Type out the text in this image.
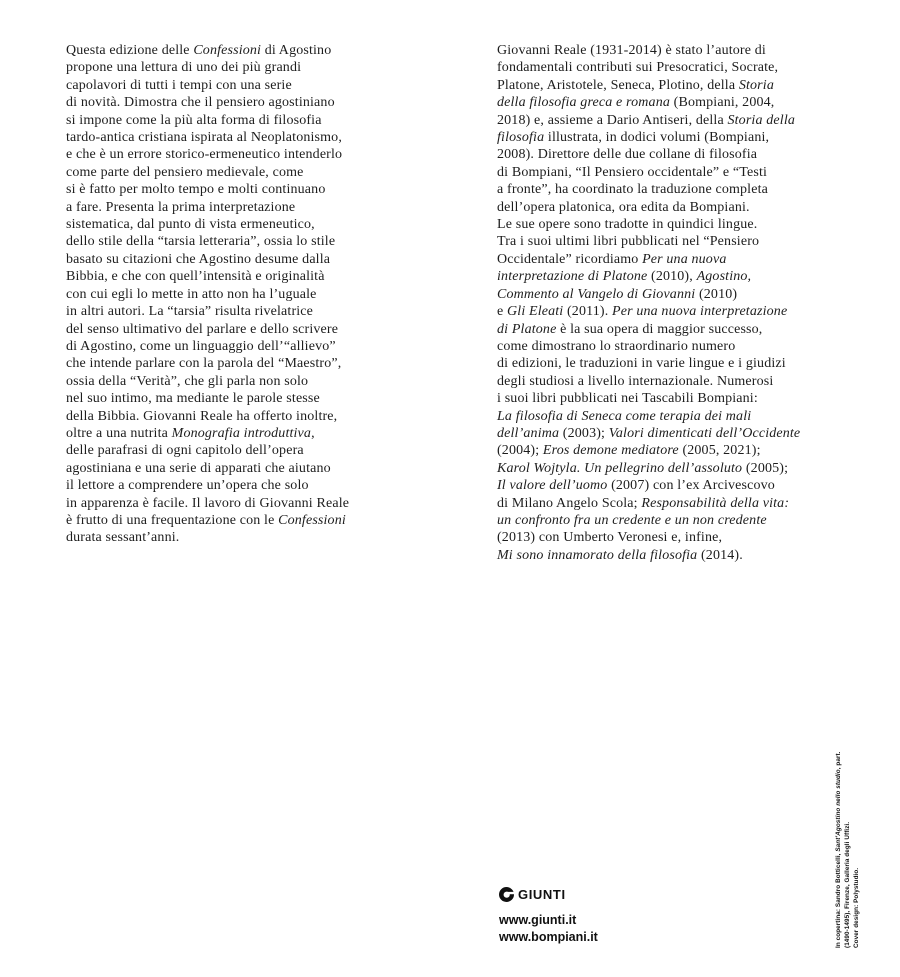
Questa edizione delle Confessioni di Agostino
propone una lettura di uno dei più grandi
capolavori di tutti i tempi con una serie
di novità. Dimostra che il pensiero agostiniano
si impone come la più alta forma di filosofia
tardo-antica cristiana ispirata al Neoplatonismo,
e che è un errore storico-ermeneutico intenderlo
come parte del pensiero medievale, come
si è fatto per molto tempo e molti continuano
a fare. Presenta la prima interpretazione
sistematica, dal punto di vista ermeneutico,
dello stile della “tarsia letteraria”, ossia lo stile
basato su citazioni che Agostino desume dalla
Bibbia, e che con quell’intensità e originalità
con cui egli lo mette in atto non ha l’uguale
in altri autori. La “tarsia” risulta rivelatrice
del senso ultimativo del parlare e dello scrivere
di Agostino, come un linguaggio dell’“allievo”
che intende parlare con la parola del “Maestro”,
ossia della “Verità”, che gli parla non solo
nel suo intimo, ma mediante le parole stesse
della Bibbia. Giovanni Reale ha offerto inoltre,
oltre a una nutrita Monografia introduttiva,
delle parafrasi di ogni capitolo dell’opera
agostiniana e una serie di apparati che aiutano
il lettore a comprendere un’opera che solo
in apparenza è facile. Il lavoro di Giovanni Reale
è frutto di una frequentazione con le Confessioni
durata sessant’anni.
Giovanni Reale (1931-2014) è stato l’autore di
fondamentali contributi sui Presocratici, Socrate,
Platone, Aristotele, Seneca, Plotino, della Storia
della filosofia greca e romana (Bompiani, 2004,
2018) e, assieme a Dario Antiseri, della Storia della
filosofia illustrata, in dodici volumi (Bompiani,
2008). Direttore delle due collane di filosofia
di Bompiani, “Il Pensiero occidentale” e “Testi
a fronte”, ha coordinato la traduzione completa
dell’opera platonica, ora edita da Bompiani.
Le sue opere sono tradotte in quindici lingue.
Tra i suoi ultimi libri pubblicati nel “Pensiero
Occidentale” ricordiamo Per una nuova
interpretazione di Platone (2010), Agostino,
Commento al Vangelo di Giovanni (2010)
e Gli Eleati (2011). Per una nuova interpretazione
di Platone è la sua opera di maggior successo,
come dimostrano lo straordinario numero
di edizioni, le traduzioni in varie lingue e i giudizi
degli studiosi a livello internazionale. Numerosi
i suoi libri pubblicati nei Tascabili Bompiani:
La filosofia di Seneca come terapia dei mali
dell’anima (2003); Valori dimenticati dell’Occidente
(2004); Eros demone mediatore (2005, 2021);
Karol Wojtyla. Un pellegrino dell’assoluto (2005);
Il valore dell’uomo (2007) con l’ex Arcivescovo
di Milano Angelo Scola; Responsabilità della vita:
un confronto fra un credente e un non credente
(2013) con Umberto Veronesi e, infine,
Mi sono innamorato della filosofia (2014).
GIUNTI
www.giunti.it
www.bompiani.it	In copertina: Sandro Botticelli, Sant’Agostino nello studio, part.
(1490-1495), Firenze, Galleria degli Uffizi. Cover design: Polystudio.
